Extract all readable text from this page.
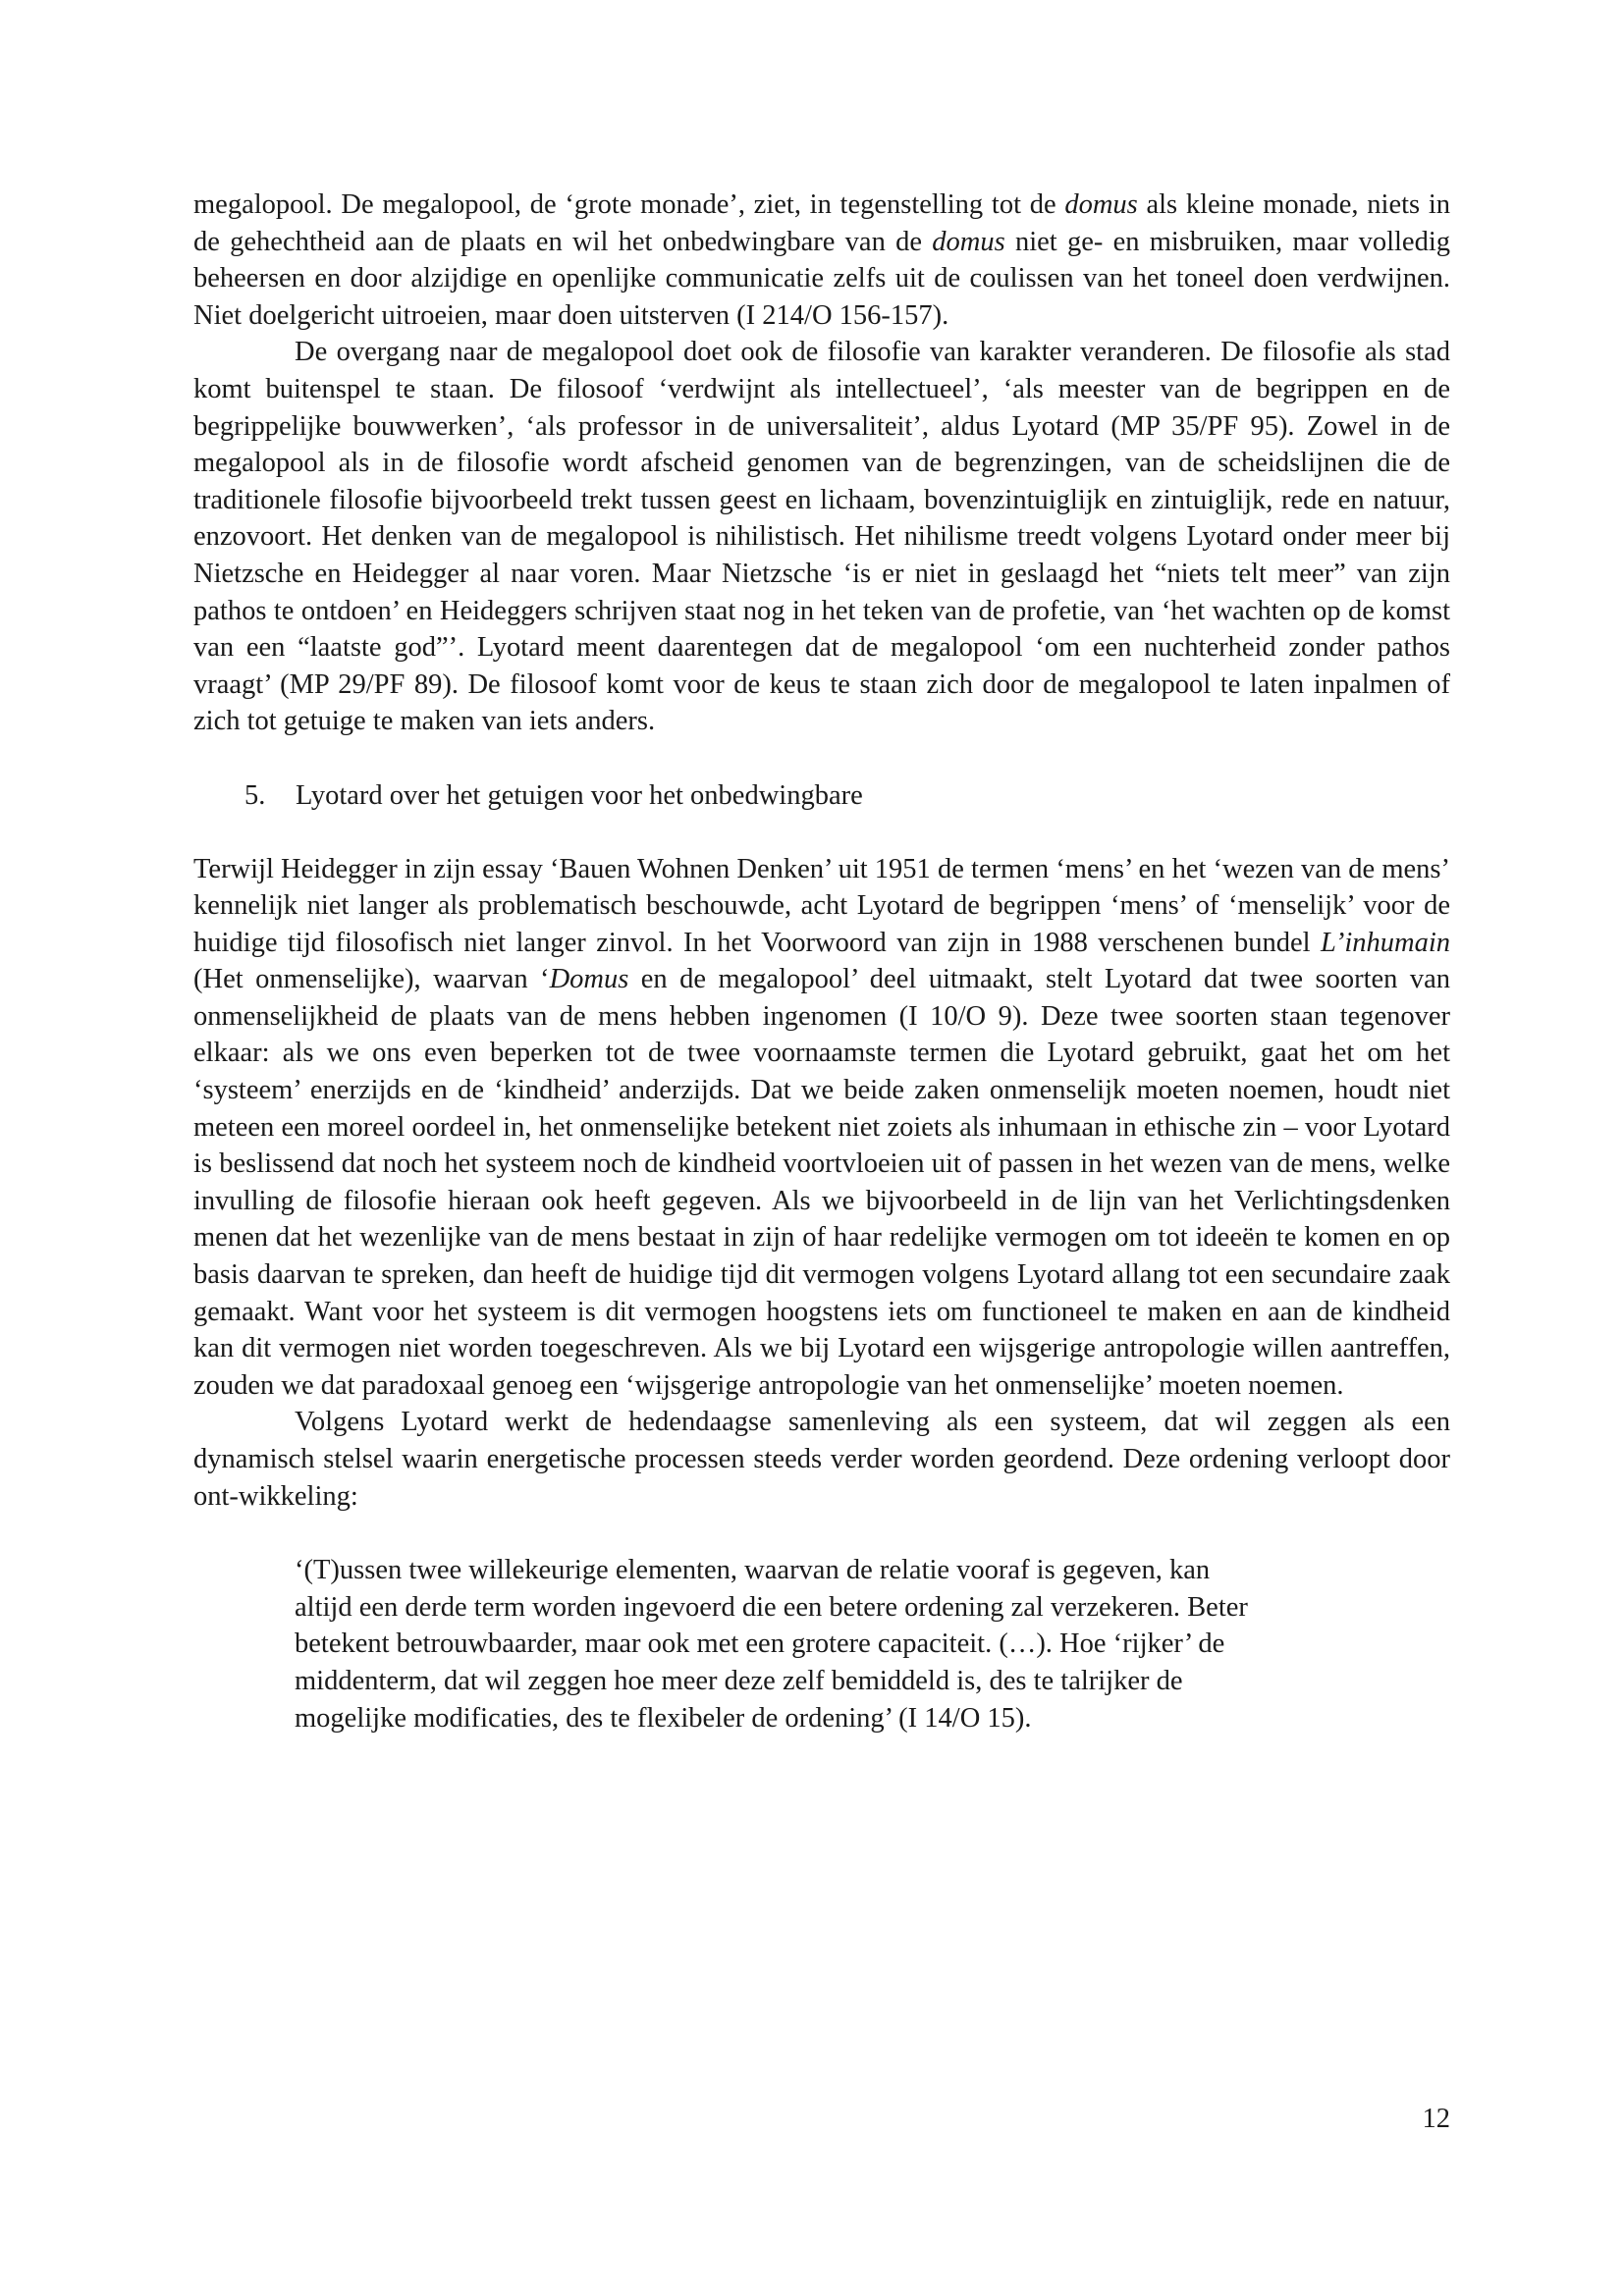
megalopool. De megalopool, de ‘grote monade’, ziet, in tegenstelling tot de domus als kleine monade, niets in de gehechtheid aan de plaats en wil het onbedwingbare van de domus niet ge- en misbruiken, maar volledig beheersen en door alzijdige en openlijke communicatie zelfs uit de coulissen van het toneel doen verdwijnen. Niet doelgericht uitroeien, maar doen uitsterven (I 214/O 156-157).

De overgang naar de megalopool doet ook de filosofie van karakter veranderen. De filosofie als stad komt buitenspel te staan. De filosoof ‘verdwijnt als intellectueel’, ‘als meester van de begrippen en de begrippelijke bouwwerken’, ‘als professor in de universaliteit’, aldus Lyotard (MP 35/PF 95). Zowel in de megalopool als in de filosofie wordt afscheid genomen van de begrenzingen, van de scheidslijnen die de traditionele filosofie bijvoorbeeld trekt tussen geest en lichaam, bovenzintuiglijk en zintuiglijk, rede en natuur, enzovoort. Het denken van de megalopool is nihilistisch. Het nihilisme treedt volgens Lyotard onder meer bij Nietzsche en Heidegger al naar voren. Maar Nietzsche ‘is er niet in geslaagd het “niets telt meer” van zijn pathos te ontdoen’ en Heideggers schrijven staat nog in het teken van de profetie, van ‘het wachten op de komst van een “laatste god”’. Lyotard meent daarentegen dat de megalopool ‘om een nuchterheid zonder pathos vraagt’ (MP 29/PF 89). De filosoof komt voor de keus te staan zich door de megalopool te laten inpalmen of zich tot getuige te maken van iets anders.

5. Lyotard over het getuigen voor het onbedwingbare

Terwijl Heidegger in zijn essay ‘Bauen Wohnen Denken’ uit 1951 de termen ‘mens’ en het ‘wezen van de mens’ kennelijk niet langer als problematisch beschouwde, acht Lyotard de begrippen ‘mens’ of ‘menselijk’ voor de huidige tijd filosofisch niet langer zinvol. In het Voorwoord van zijn in 1988 verschenen bundel L’inhumain (Het onmenselijke), waarvan ‘Domus en de megalopool’ deel uitmaakt, stelt Lyotard dat twee soorten van onmenselijkheid de plaats van de mens hebben ingenomen (I 10/O 9). Deze twee soorten staan tegenover elkaar: als we ons even beperken tot de twee voornaamste termen die Lyotard gebruikt, gaat het om het ‘systeem’ enerzijds en de ‘kindheid’ anderzijds. Dat we beide zaken onmenselijk moeten noemen, houdt niet meteen een moreel oordeel in, het onmenselijke betekent niet zoiets als inhumaan in ethische zin – voor Lyotard is beslissend dat noch het systeem noch de kindheid voortvloeien uit of passen in het wezen van de mens, welke invulling de filosofie hieraan ook heeft gegeven. Als we bijvoorbeeld in de lijn van het Verlichtingsdenken menen dat het wezenlijke van de mens bestaat in zijn of haar redelijke vermogen om tot ideeën te komen en op basis daarvan te spreken, dan heeft de huidige tijd dit vermogen volgens Lyotard allang tot een secundaire zaak gemaakt. Want voor het systeem is dit vermogen hoogstens iets om functioneel te maken en aan de kindheid kan dit vermogen niet worden toegeschreven. Als we bij Lyotard een wijsgerige antropologie willen aantreffen, zouden we dat paradoxaal genoeg een ‘wijsgerige antropologie van het onmenselijke’ moeten noemen.

Volgens Lyotard werkt de hedendaagse samenleving als een systeem, dat wil zeggen als een dynamisch stelsel waarin energetische processen steeds verder worden geordend. Deze ordening verloopt door ont-wikkeling:

‘(T)ussen twee willekeurige elementen, waarvan de relatie vooraf is gegeven, kan
altijd een derde term worden ingevoerd die een betere ordening zal verzekeren. Beter
betekent betrouwbaarder, maar ook met een grotere capaciteit. (…). Hoe ‘rijker’ de
middenterm, dat wil zeggen hoe meer deze zelf bemiddeld is, des te talrijker de
mogelijke modificaties, des te flexibeler de ordening’ (I 14/O 15).
12
